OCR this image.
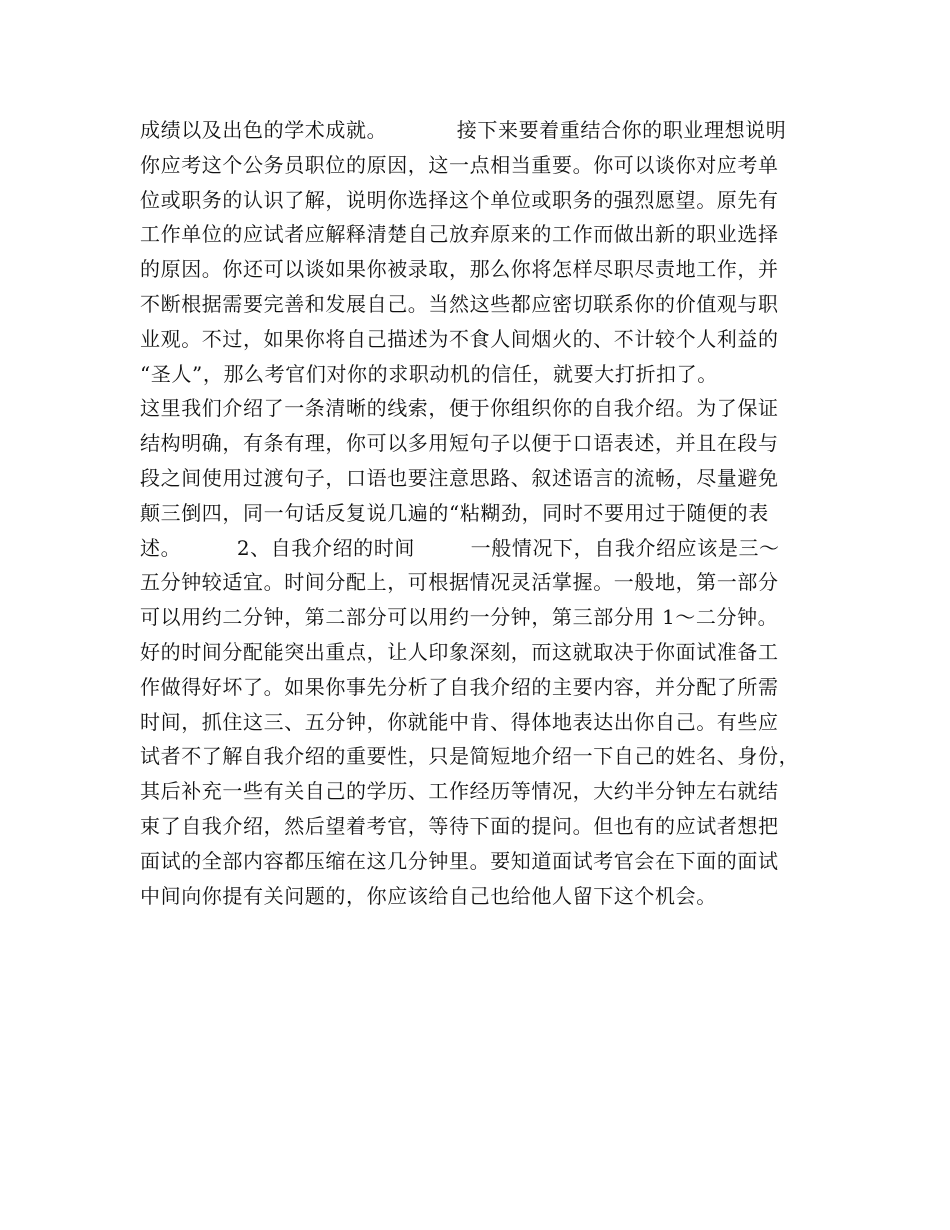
成绩以及出色的学术成就。          接下来要着重结合你的职业理想说明
你应考这个公务员职位的原因，这一点相当重要。你可以谈你对应考单
位或职务的认识了解，说明你选择这个单位或职务的强烈愿望。原先有
工作单位的应试者应解释清楚自己放弃原来的工作而做出新的职业选择
的原因。你还可以谈如果你被录取，那么你将怎样尽职尽责地工作，并
不断根据需要完善和发展自己。当然这些都应密切联系你的价值观与职
业观。不过，如果你将自己描述为不食人间烟火的、不计较个人利益的
“圣人”，那么考官们对你的求职动机的信任，就要大打折扣了。
这里我们介绍了一条清晰的线索，便于你组织你的自我介绍。为了保证
结构明确，有条有理，你可以多用短句子以便于口语表述，并且在段与
段之间使用过渡句子，口语也要注意思路、叙述语言的流畅，尽量避免
颠三倒四，同一句话反复说几遍的“粘糊劲，同时不要用过于随便的表
述。        2、自我介绍的时间        一般情况下，自我介绍应该是三～
五分钟较适宜。时间分配上，可根据情况灵活掌握。一般地，第一部分
可以用约二分钟，第二部分可以用约一分钟，第三部分用 1～二分钟。
好的时间分配能突出重点，让人印象深刻，而这就取决于你面试准备工
作做得好坏了。如果你事先分析了自我介绍的主要内容，并分配了所需
时间，抓住这三、五分钟，你就能中肯、得体地表达出你自己。有些应
试者不了解自我介绍的重要性，只是简短地介绍一下自己的姓名、身份，
其后补充一些有关自己的学历、工作经历等情况，大约半分钟左右就结
束了自我介绍，然后望着考官，等待下面的提问。但也有的应试者想把
面试的全部内容都压缩在这几分钟里。要知道面试考官会在下面的面试
中间向你提有关问题的，你应该给自己也给他人留下这个机会。
